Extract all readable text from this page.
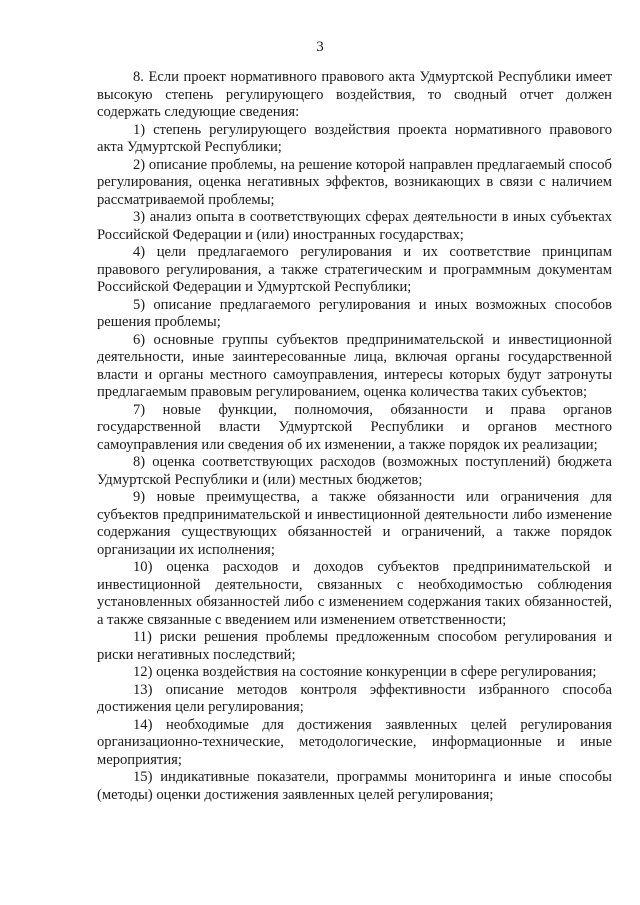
3

8. Если проект нормативного правового акта Удмуртской Республики имеет высокую степень регулирующего воздействия, то сводный отчет должен содержать следующие сведения:

1) степень регулирующего воздействия проекта нормативного правового акта Удмуртской Республики;

2) описание проблемы, на решение которой направлен предлагаемый способ регулирования, оценка негативных эффектов, возникающих в связи с наличием рассматриваемой проблемы;

3) анализ опыта в соответствующих сферах деятельности в иных субъектах Российской Федерации и (или) иностранных государствах;

4) цели предлагаемого регулирования и их соответствие принципам правового регулирования, а также стратегическим и программным документам Российской Федерации и Удмуртской Республики;

5) описание предлагаемого регулирования и иных возможных способов решения проблемы;

6) основные группы субъектов предпринимательской и инвестиционной деятельности, иные заинтересованные лица, включая органы государственной власти и органы местного самоуправления, интересы которых будут затронуты предлагаемым правовым регулированием, оценка количества таких субъектов;

7) новые функции, полномочия, обязанности и права органов государственной власти Удмуртской Республики и органов местного самоуправления или сведения об их изменении, а также порядок их реализации;

8) оценка соответствующих расходов (возможных поступлений) бюджета Удмуртской Республики и (или) местных бюджетов;

9) новые преимущества, а также обязанности или ограничения для субъектов предпринимательской и инвестиционной деятельности либо изменение содержания существующих обязанностей и ограничений, а также порядок организации их исполнения;

10) оценка расходов и доходов субъектов предпринимательской и инвестиционной деятельности, связанных с необходимостью соблюдения установленных обязанностей либо с изменением содержания таких обязанностей, а также связанные с введением или изменением ответственности;

11) риски решения проблемы предложенным способом регулирования и риски негативных последствий;

12) оценка воздействия на состояние конкуренции в сфере регулирования;

13) описание методов контроля эффективности избранного способа достижения цели регулирования;

14) необходимые для достижения заявленных целей регулирования организационно-технические, методологические, информационные и иные мероприятия;

15) индикативные показатели, программы мониторинга и иные способы (методы) оценки достижения заявленных целей регулирования;
